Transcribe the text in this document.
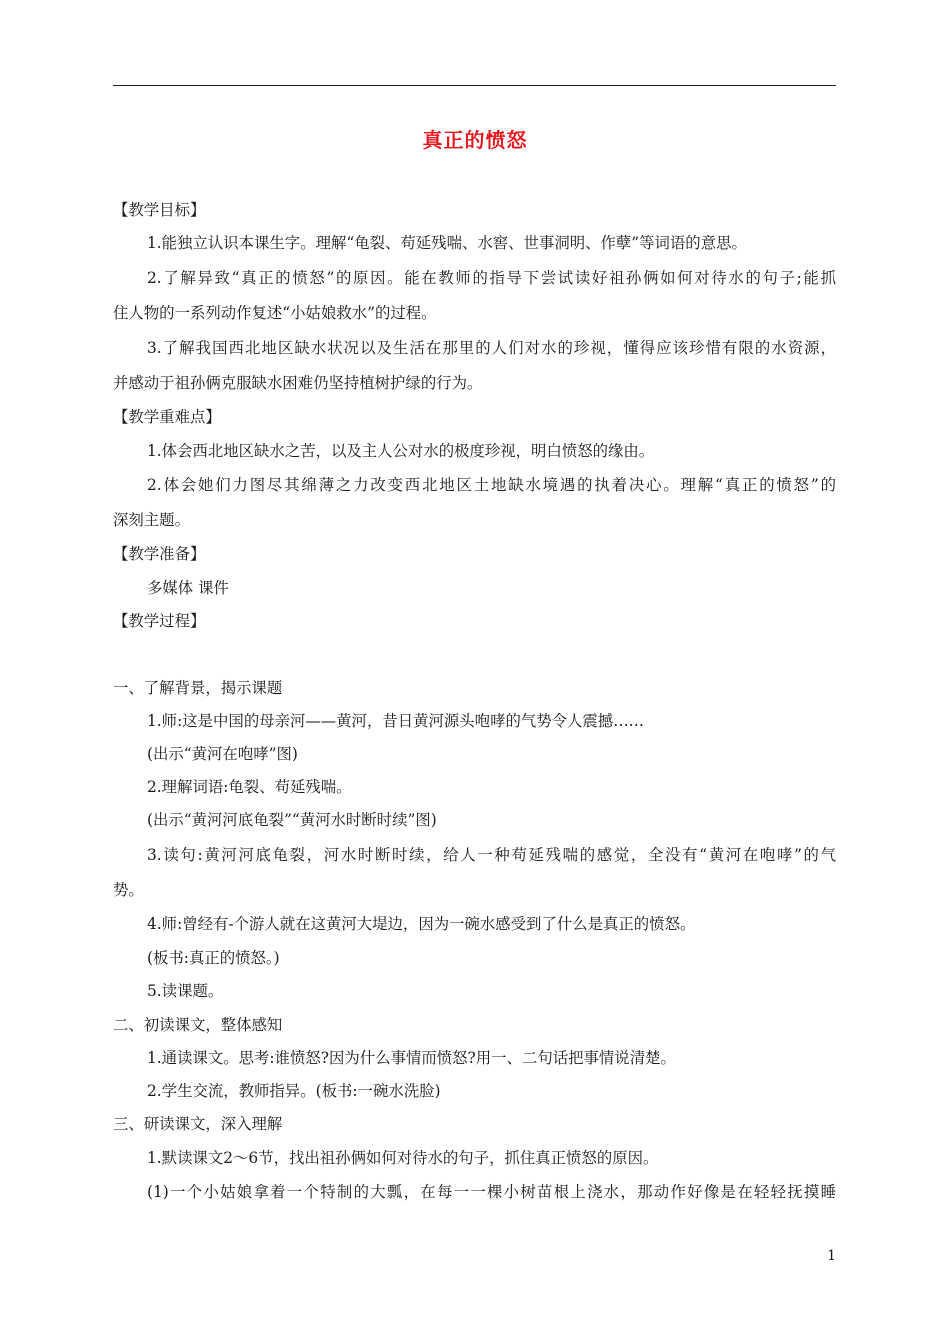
真正的愤怒
【教学目标】
1.能独立认识本课生字。理解“龟裂、苟延残喘、水窖、世事洞明、作孽”等词语的意思。
2.了解异致“真正的愤怒”的原因。能在教师的指导下尝试读好祖孙俩如何对待水的句子;能抓
住人物的一系列动作复述“小姑娘救水”的过程。
3.了解我国西北地区缺水状况以及生活在那里的人们对水的珍视，懂得应该珍惜有限的水资源，
并感动于祖孙俩克服缺水困难仍坚持植树护绿的行为。
【教学重难点】
1.体会西北地区缺水之苦，以及主人公对水的极度珍视，明白愤怒的缘由。
2.体会她们力图尽其绵薄之力改变西北地区土地缺水境遇的执着决心。理解“真正的愤怒”的
深刻主题。
【教学准备】
多媒体 课件
【教学过程】
一、了解背景，揭示课题
1.师:这是中国的母亲河——黄河，昔日黄河源头咆哮的气势令人震撼……
(出示“黄河在咆哮”图)
2.理解词语:龟裂、苟延残喘。
(出示“黄河河底龟裂”“黄河水时断时续”图)
3.读句:黄河河底龟裂，河水时断时续，给人一种苟延残喘的感觉，全没有“黄河在咆哮”的气
势。
4.师:曾经有-个游人就在这黄河大堤边，因为一碗水感受到了什么是真正的愤怒。
(板书:真正的愤怒。)
5.读课题。
二、初读课文，整体感知
1.通读课文。思考:谁愤怒?因为什么事情而愤怒?用一、二句话把事情说清楚。
2.学生交流，教师指异。(板书:一碗水洗脸)
三、研读课文，深入理解
1.默读课文2～6节，找出祖孙俩如何对待水的句子，抓住真正愤怒的原因。
(1)一个小姑娘拿着一个特制的大瓢，在每一一棵小树苗根上浇水，那动作好像是在轻轻抚摸睡
1
